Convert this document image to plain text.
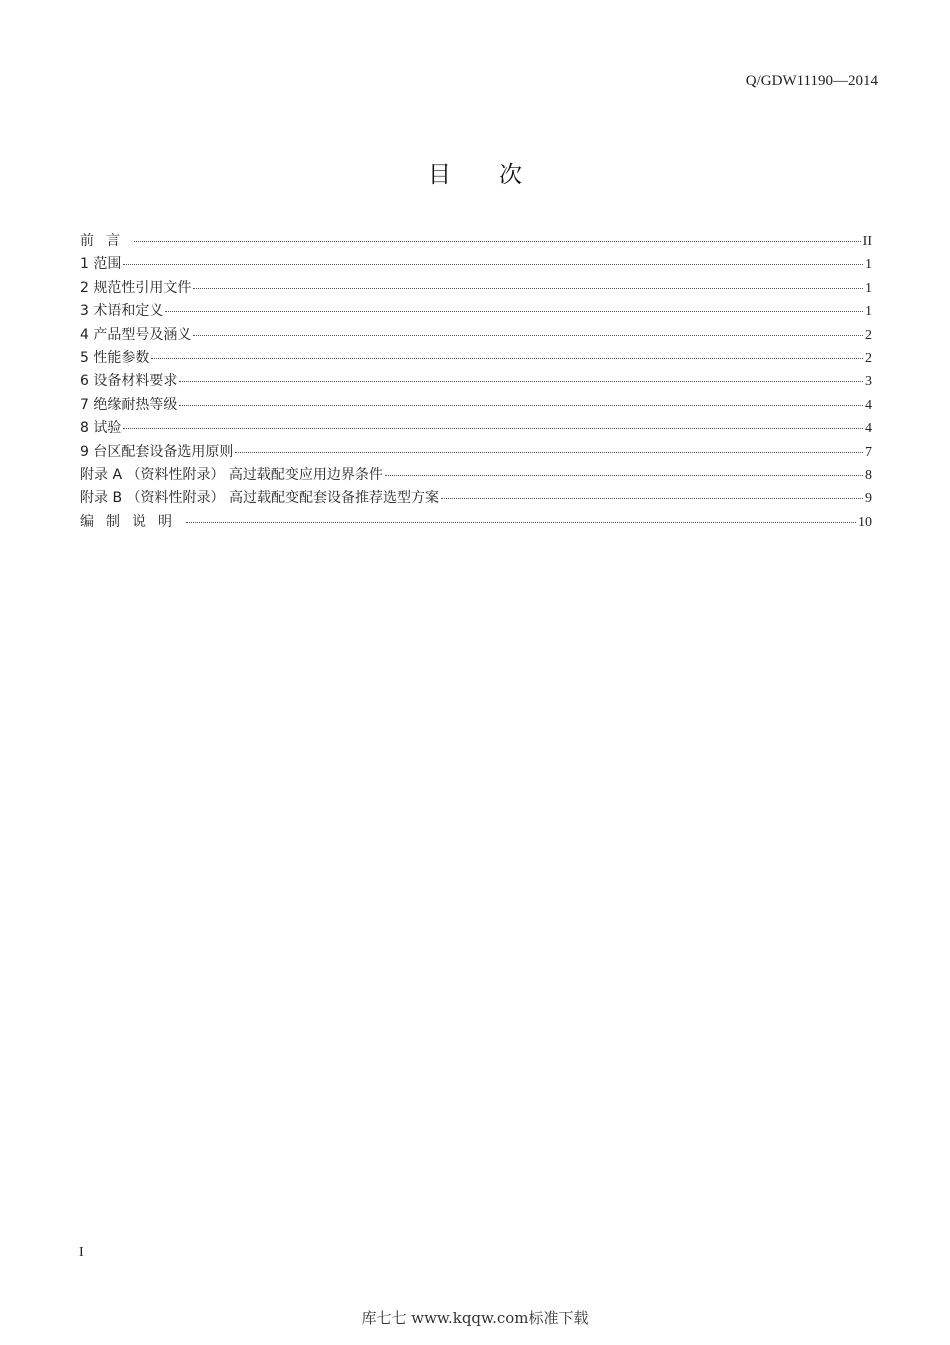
Q/GDW11190—2014
目次
前言	II
1 范围	1
2 规范性引用文件	1
3 术语和定义	1
4 产品型号及涵义	2
5 性能参数	2
6 设备材料要求	3
7 绝缘耐热等级	4
8 试验	4
9 台区配套设备选用原则	7
附录 A （资料性附录） 高过载配变应用边界条件	8
附录 B （资料性附录） 高过载配变配套设备推荐选型方案	9
编制说明	10
I
库七七 www.kqqw.com标准下载
